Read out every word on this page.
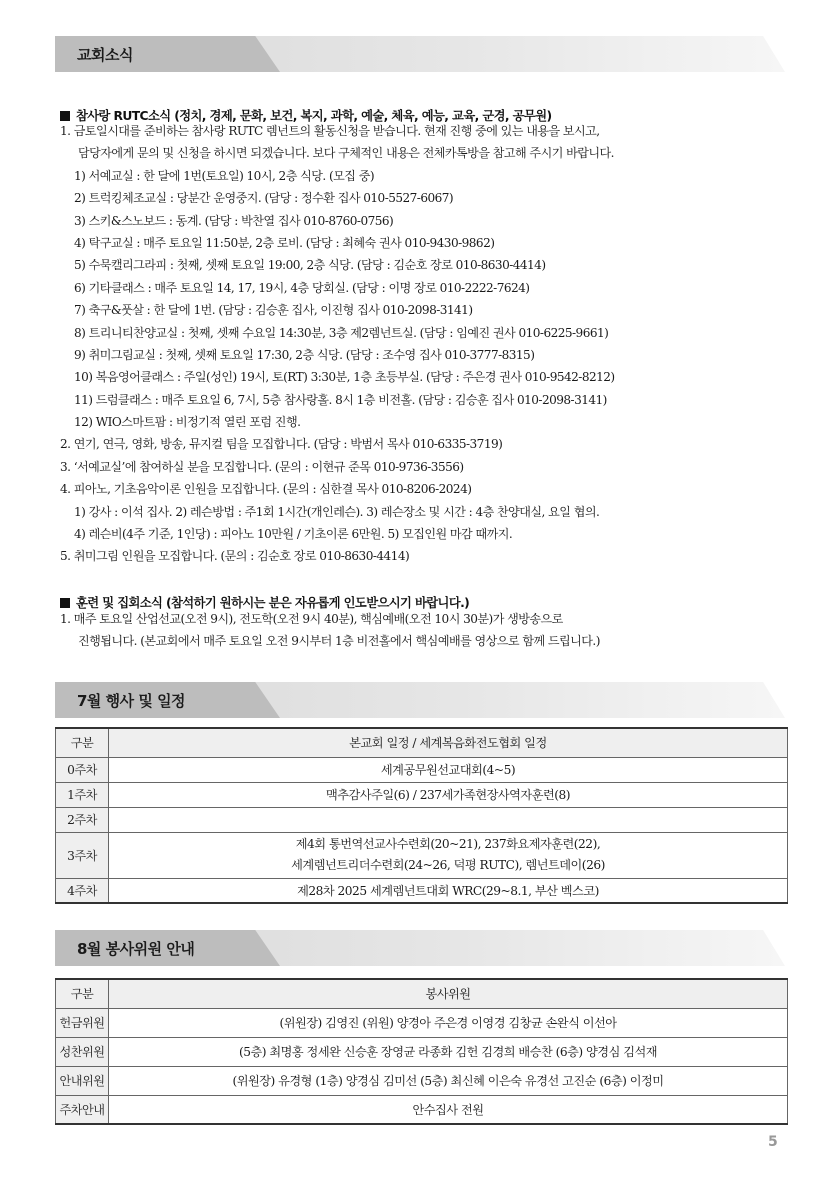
교회소식
참사랑 RUTC소식 (정치, 경제, 문화, 보건, 복지, 과학, 예술, 체육, 예능, 교육, 군경, 공무원)
1. 금토일시대를 준비하는 참사랑 RUTC 렘넌트의 활동신청을 받습니다. 현재 진행 중에 있는 내용을 보시고,
담당자에게 문의 및 신청을 하시면 되겠습니다. 보다 구체적인 내용은 전체카톡방을 참고해 주시기 바랍니다.
1) 서예교실 : 한 달에 1번(토요일) 10시, 2층 식당. (모집 중)
2) 트럭킹체조교실 : 당분간 운영중지. (담당 : 정수환 집사 010-5527-6067)
3) 스키&스노보드 : 동계. (담당 : 박찬열 집사 010-8760-0756)
4) 탁구교실 : 매주 토요일 11:50분, 2층 로비. (담당 : 최혜숙 권사 010-9430-9862)
5) 수묵캘리그라피 : 첫째, 셋째 토요일 19:00, 2층 식당. (담당 : 김순호 장로 010-8630-4414)
6) 기타클래스 : 매주 토요일 14, 17, 19시, 4층 당회실. (담당 : 이명 장로 010-2222-7624)
7) 축구&풋살 : 한 달에 1번. (담당 : 김승훈 집사, 이진형 집사 010-2098-3141)
8) 트리니티찬양교실 : 첫째, 셋째 수요일 14:30분, 3층 제2렘넌트실. (담당 : 임예진 권사 010-6225-9661)
9) 취미그림교실 : 첫째, 셋째 토요일 17:30, 2층 식당. (담당 : 조수영 집사 010-3777-8315)
10) 복음영어클래스 : 주일(성인) 19시, 토(RT) 3:30분, 1층 초등부실. (담당 : 주은경 권사 010-9542-8212)
11) 드럼클래스 : 매주 토요일 6, 7시, 5층 참사랑홀. 8시 1층 비전홀. (담당 : 김승훈 집사 010-2098-3141)
12) WIO스마트팜 : 비정기적 열린 포럼 진행.
2. 연기, 연극, 영화, 방송, 뮤지컬 팀을 모집합니다. (담당 : 박범서 목사 010-6335-3719)
3. ‘서예교실’에 참여하실 분을 모집합니다. (문의 : 이현규 준목 010-9736-3556)
4. 피아노, 기초음악이론 인원을 모집합니다. (문의 : 심한결 목사 010-8206-2024)
1) 강사 : 이석 집사. 2) 레슨방법 : 주1회 1시간(개인레슨). 3) 레슨장소 및 시간 : 4층 찬양대실, 요일 협의.
4) 레슨비(4주 기준, 1인당) : 피아노 10만원 / 기초이론 6만원. 5) 모집인원 마감 때까지.
5. 취미그림 인원을 모집합니다. (문의 : 김순호 장로 010-8630-4414)
훈련 및 집회소식 (참석하기 원하시는 분은 자유롭게 인도받으시기 바랍니다.)
1. 매주 토요일 산업선교(오전 9시), 전도학(오전 9시 40분), 핵심예배(오전 10시 30분)가 생방송으로
진행됩니다. (본교회에서 매주 토요일 오전 9시부터 1층 비전홀에서 핵심예배를 영상으로 함께 드립니다.)
7월 행사 및 일정
구분	본교회 일정 / 세계복음화전도협회 일정
0주차	세계공무원선교대회(4~5)
1주차	맥추감사주일(6) / 237세가족현장사역자훈련(8)
2주차	
3주차	제4회 통번역선교사수련회(20~21), 237화요제자훈련(22),
세계렘넌트리더수련회(24~26, 덕평 RUTC), 렘넌트데이(26)

4주차	제28차 2025 세계렘넌트대회 WRC(29~8.1, 부산 벡스코)
8월 봉사위원 안내
구분	봉사위원
헌금위원	(위원장) 김영진 (위원) 양경아 주은경 이영경 김창균 손완식 이선아
성찬위원	(5층) 최명홍 정세완 신승훈 장영균 라종화 김헌 김경희 배승찬 (6층) 양경심 김석재
안내위원	(위원장) 유경형 (1층) 양경심 김미선 (5층) 최신혜 이은숙 유경선 고진순 (6층) 이정미
주차안내	안수집사 전원
5
